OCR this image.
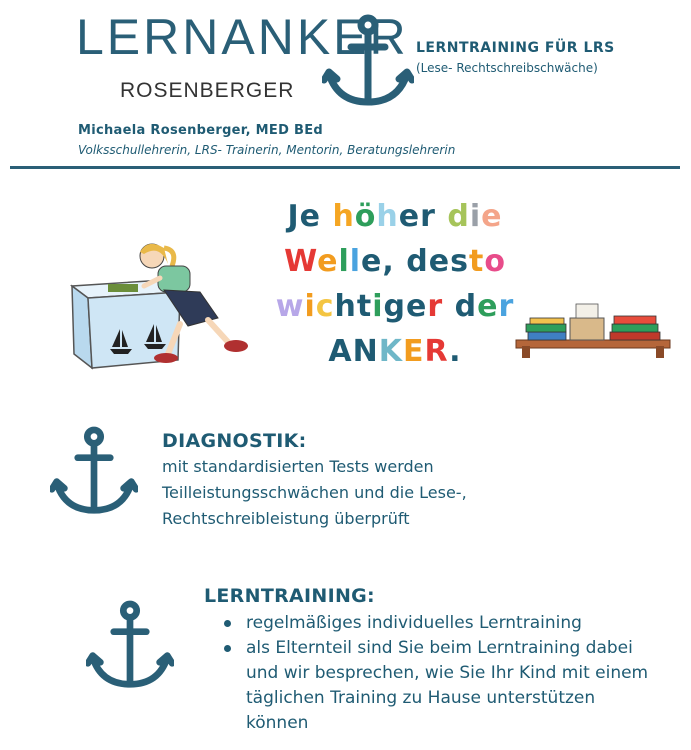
LERNANKER
ROSENBERGER
LERNTRAINING FÜR LRS
(Lese- Rechtschreibschwäche)
Michaela Rosenberger, MED BEd
Volksschullehrerin, LRS- Trainerin, Mentorin, Beratungslehrerin
Je höher die
Welle, desto
wichtiger der
ANKER.
DIAGNOSTIK:
mit standardisierten Tests werden
Teilleistungsschwächen und die Lese-,
Rechtschreibleistung überprüft
LERNTRAINING:
regelmäßiges individuelles Lerntraining
als Elternteil sind Sie beim Lerntraining dabei
und wir besprechen, wie Sie Ihr Kind mit einem
täglichen Training zu Hause unterstützen
können
